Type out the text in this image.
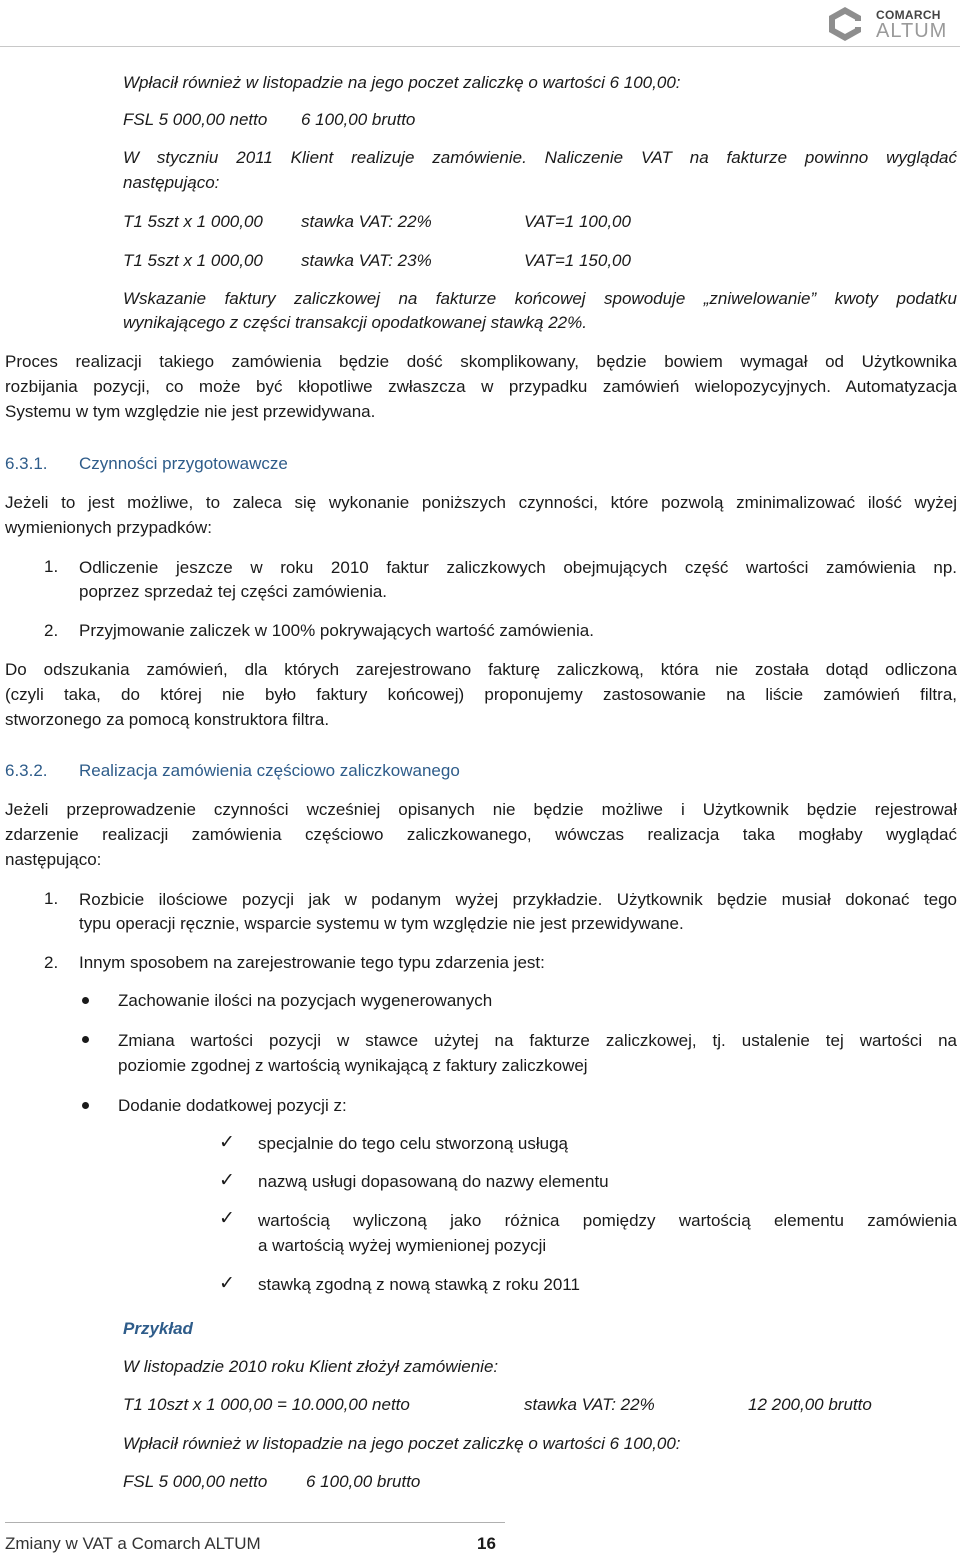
COMARCH
ALTUM
Wpłacił również w listopadzie na jego poczet zaliczkę o wartości 6 100,00:
FSL 5 000,00 netto 6 100,00 brutto
W styczniu 2011 Klient realizuje zamówienie. Naliczenie VAT na fakturze powinno wyglądać
następująco:
T1 5szt x 1 000,00 stawka VAT: 22%	VAT=1 100,00
T1 5szt x 1 000,00 stawka VAT: 23%	VAT=1 150,00
Wskazanie faktury zaliczkowej na fakturze końcowej spowoduje „zniwelowanie” kwoty podatku
wynikającego z części transakcji opodatkowanej stawką 22%.
Proces realizacji takiego zamówienia będzie dość skomplikowany, będzie bowiem wymagał od Użytkownika
rozbijania pozycji, co może być kłopotliwe zwłaszcza w przypadku zamówień wielopozycyjnych. Automatyzacja
Systemu w tym względzie nie jest przewidywana.
6.3.1. Czynności przygotowawcze
Jeżeli to jest możliwe, to zaleca się wykonanie poniższych czynności, które pozwolą zminimalizować ilość wyżej
wymienionych przypadków:
1. Odliczenie jeszcze w roku 2010 faktur zaliczkowych obejmujących część wartości zamówienia np.
poprzez sprzedaż tej części zamówienia.
2. Przyjmowanie zaliczek w 100% pokrywających wartość zamówienia.
Do odszukania zamówień, dla których zarejestrowano fakturę zaliczkową, która nie została dotąd odliczona
(czyli taka, do której nie było faktury końcowej) proponujemy zastosowanie na liście zamówień filtra,
stworzonego za pomocą konstruktora filtra.
6.3.2. Realizacja zamówienia częściowo zaliczkowanego
Jeżeli przeprowadzenie czynności wcześniej opisanych nie będzie możliwe i Użytkownik będzie rejestrował
zdarzenie realizacji zamówienia częściowo zaliczkowanego, wówczas realizacja taka mogłaby wyglądać
następująco:
1. Rozbicie ilościowe pozycji jak w podanym wyżej przykładzie. Użytkownik będzie musiał dokonać tego
typu operacji ręcznie, wsparcie systemu w tym względzie nie jest przewidywane.
2. Innym sposobem na zarejestrowanie tego typu zdarzenia jest:
Zachowanie ilości na pozycjach wygenerowanych
Zmiana wartości pozycji w stawce użytej na fakturze zaliczkowej, tj. ustalenie tej wartości na
poziomie zgodnej z wartością wynikającą z faktury zaliczkowej
Dodanie dodatkowej pozycji z:
✓ specjalnie do tego celu stworzoną usługą
✓ nazwą usługi dopasowaną do nazwy elementu
✓ wartością wyliczoną jako różnica pomiędzy wartością elementu zamówienia
a wartością wyżej wymienionej pozycji
✓ stawką zgodną z nową stawką z roku 2011
Przykład
W listopadzie 2010 roku Klient złożył zamówienie:
T1 10szt x 1 000,00 = 10.000,00 netto	stawka VAT: 22%	12 200,00 brutto
Wpłacił również w listopadzie na jego poczet zaliczkę o wartości 6 100,00:
FSL 5 000,00 netto 6 100,00 brutto
Zmiany w VAT a Comarch ALTUM	16
